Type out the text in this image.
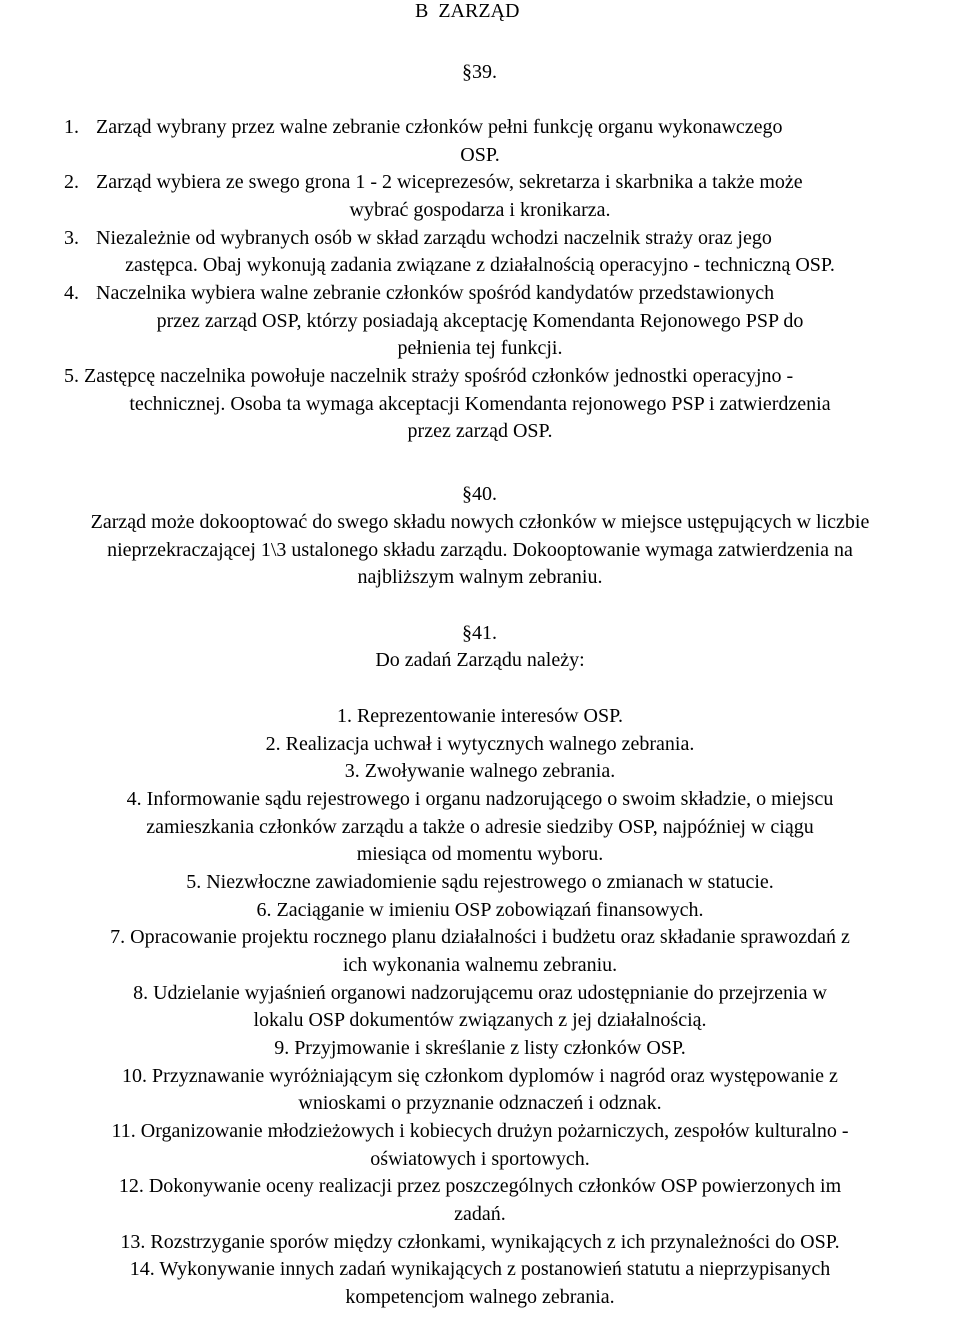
B  ZARZĄD
§39.
1. Zarząd wybrany przez walne zebranie członków pełni funkcję organu wykonawczego
OSP.
2. Zarząd wybiera ze swego grona 1 - 2 wiceprezesów, sekretarza i skarbnika a także może
wybrać gospodarza i kronikarza.
3. Niezależnie od wybranych osób w skład zarządu wchodzi naczelnik straży oraz jego
zastępca. Obaj wykonują zadania związane z działalnością operacyjno - techniczną OSP.
4. Naczelnika wybiera walne zebranie członków spośród kandydatów przedstawionych
przez zarząd OSP, którzy posiadają akceptację Komendanta Rejonowego PSP do
pełnienia tej funkcji.
5. Zastępcę naczelnika powołuje naczelnik straży spośród członków jednostki operacyjno -
technicznej. Osoba ta wymaga akceptacji Komendanta rejonowego PSP i zatwierdzenia
przez zarząd OSP.
§40.
Zarząd może dokooptować do swego składu nowych członków w miejsce ustępujących w liczbie
nieprzekraczającej 1\3 ustalonego składu zarządu. Dokooptowanie wymaga zatwierdzenia na
najbliższym walnym zebraniu.
§41.
Do zadań Zarządu należy:
1. Reprezentowanie interesów OSP.
2. Realizacja uchwał i wytycznych walnego zebrania.
3. Zwoływanie walnego zebrania.
4. Informowanie sądu rejestrowego i organu nadzorującego o swoim składzie, o miejscu
zamieszkania członków zarządu a także o adresie siedziby OSP, najpóźniej w ciągu
miesiąca od momentu wyboru.
5. Niezwłoczne zawiadomienie sądu rejestrowego o zmianach w statucie.
6. Zaciąganie w imieniu OSP zobowiązań finansowych.
7. Opracowanie projektu rocznego planu działalności i budżetu oraz składanie sprawozdań z
ich wykonania walnemu zebraniu.
8. Udzielanie wyjaśnień organowi nadzorującemu oraz udostępnianie do przejrzenia w
lokalu OSP dokumentów związanych z jej działalnością.
9. Przyjmowanie i skreślanie z listy członków OSP.
10. Przyznawanie wyróżniającym się członkom dyplomów i nagród oraz występowanie z
wnioskami o przyznanie odznaczeń i odznak.
11. Organizowanie młodzieżowych i kobiecych drużyn pożarniczych, zespołów kulturalno -
oświatowych i sportowych.
12. Dokonywanie oceny realizacji przez poszczególnych członków OSP powierzonych im
zadań.
13. Rozstrzyganie sporów między członkami, wynikających z ich przynależności do OSP.
14. Wykonywanie innych zadań wynikających z postanowień statutu a nieprzypisanych
kompetencjom walnego zebrania.
